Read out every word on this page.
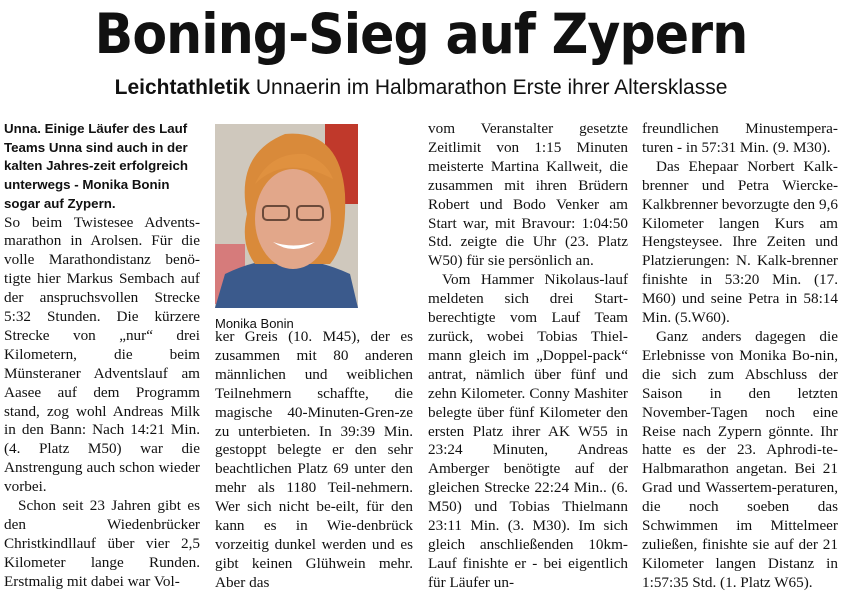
Boning-Sieg auf Zypern
Leichtathletik Unnaerin im Halbmarathon Erste ihrer Altersklasse

Unna. Einige Läufer des Lauf Teams Unna sind auch in der kalten Jahres-zeit erfolgreich unterwegs - Monika Bonin sogar auf Zypern.

So beim Twistesee Advents-marathon in Arolsen. Für die volle Marathondistanz benö-tigte hier Markus Sembach auf der anspruchsvollen Strecke 5:32 Stunden. Die kürzere Strecke von „nur“ drei Kilometern, die beim Münsteraner Adventslauf am Aasee auf dem Programm stand, zog wohl Andreas Milk in den Bann: Nach 14:21 Min. (4. Platz M50) war die Anstrengung auch schon wieder vorbei.

Schon seit 23 Jahren gibt es den Wiedenbrücker Christkindllauf über vier 2,5 Kilometer lange Runden. Erstmalig mit dabei war Vol-

Monika Bonin

ker Greis (10. M45), der es zusammen mit 80 anderen männlichen und weiblichen Teilnehmern schaffte, die magische 40-Minuten-Gren-ze zu unterbieten. In 39:39 Min. gestoppt belegte er den sehr beachtlichen Platz 69 unter den mehr als 1180 Teil-nehmern. Wer sich nicht be-eilt, für den kann es in Wie-denbrück vorzeitig dunkel werden und es gibt keinen Glühwein mehr. Aber das

vom Veranstalter gesetzte Zeitlimit von 1:15 Minuten meisterte Martina Kallweit, die zusammen mit ihren Brüdern Robert und Bodo Venker am Start war, mit Bravour: 1:04:50 Std. zeigte die Uhr (23. Platz W50) für sie persönlich an.

Vom Hammer Nikolaus-lauf meldeten sich drei Start-berechtigte vom Lauf Team zurück, wobei Tobias Thiel-mann gleich im „Doppel-pack“ antrat, nämlich über fünf und zehn Kilometer. Conny Mashiter belegte über fünf Kilometer den ersten Platz ihrer AK W55 in 23:24 Minuten, Andreas Amberger benötigte auf der gleichen Strecke 22:24 Min.. (6. M50) und Tobias Thielmann 23:11 Min. (3. M30). Im sich gleich anschließenden 10km-Lauf finishte er - bei eigentlich für Läufer un-

freundlichen Minustempera-turen - in 57:31 Min. (9. M30).

Das Ehepaar Norbert Kalk-brenner und Petra Wiercke-Kalkbrenner bevorzugte den 9,6 Kilometer langen Kurs am Hengsteysee. Ihre Zeiten und Platzierungen: N. Kalk-brenner finishte in 53:20 Min. (17. M60) und seine Petra in 58:14 Min. (5.W60).

Ganz anders dagegen die Erlebnisse von Monika Bo-nin, die sich zum Abschluss der Saison in den letzten November-Tagen noch eine Reise nach Zypern gönnte. Ihr hatte es der 23. Aphrodi-te-Halbmarathon angetan. Bei 21 Grad und Wassertem-peraturen, die noch soeben das Schwimmen im Mittelmeer zuließen, finishte sie auf der 21 Kilometer langen Distanz in 1:57:35 Std. (1. Platz W65).
